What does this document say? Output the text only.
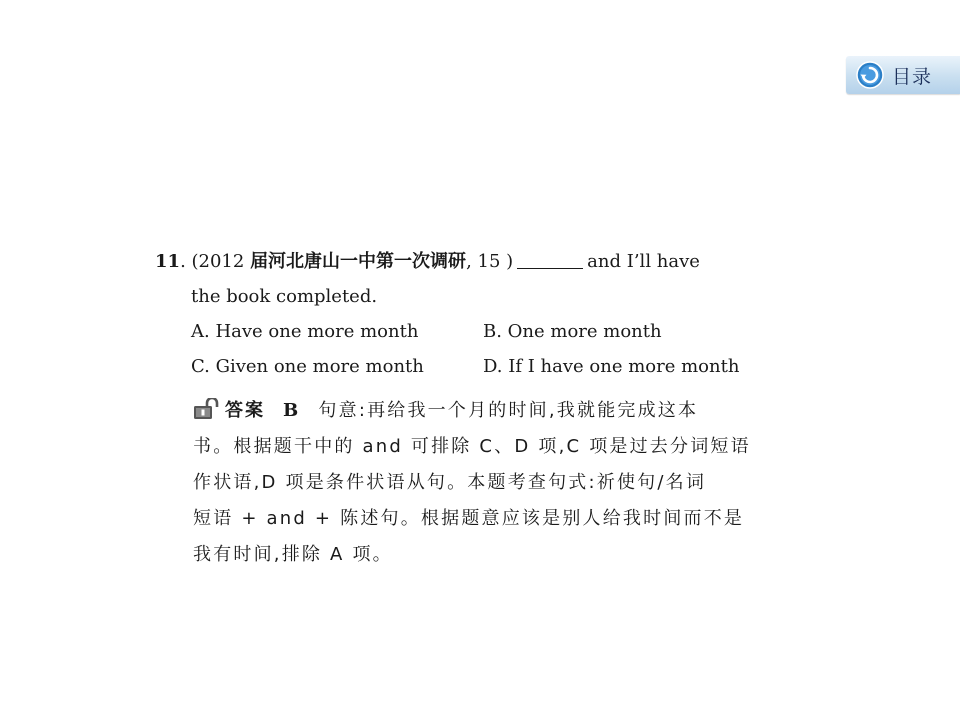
目录
11. (2012 届河北唐山一中第一次调研, 15 )	and I’ll have
the book completed.
A. Have one more month	B. One more month
C. Given one more month	D. If I have one more month
答案 B 句意:再给我一个月的时间,我就能完成这本
书。根据题干中的 and 可排除 C、D 项,C 项是过去分词短语
作状语,D 项是条件状语从句。本题考查句式:祈使句/名词
短语 + and + 陈述句。根据题意应该是别人给我时间而不是
我有时间,排除 A 项。
